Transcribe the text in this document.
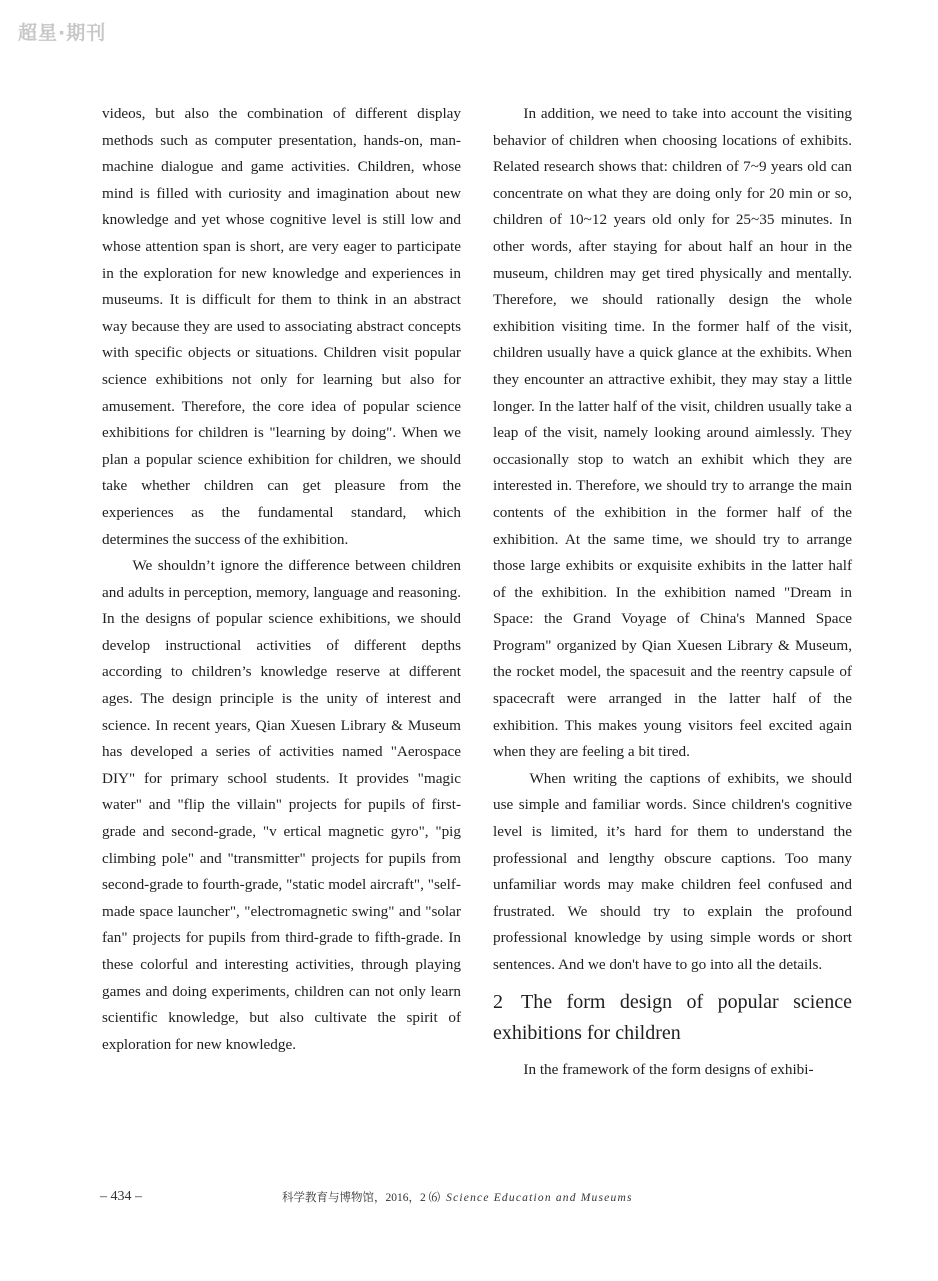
超星·期刊

videos, but also the combination of different display methods such as computer presentation, hands-on, man-machine dialogue and game activities. Children, whose mind is filled with curiosity and imagination about new knowledge and yet whose cognitive level is still low and whose attention span is short, are very eager to participate in the exploration for new knowledge and experiences in museums. It is difficult for them to think in an abstract way because they are used to associating abstract concepts with specific objects or situations. Children visit popular science exhibitions not only for learning but also for amusement. Therefore, the core idea of popular science exhibitions for children is "learning by doing". When we plan a popular science exhibition for children, we should take whether children can get pleasure from the experiences as the fundamental standard, which determines the success of the exhibition.

We shouldn’t ignore the difference between children and adults in perception, memory, language and reasoning. In the designs of popular science exhibitions, we should develop instructional activities of different depths according to children’s knowledge reserve at different ages. The design principle is the unity of interest and science. In recent years, Qian Xuesen Library & Museum has developed a series of activities named "Aerospace DIY" for primary school students. It provides "magic water" and "flip the villain" projects for pupils of first-grade and second-grade, "v ertical magnetic gyro", "pig climbing pole" and "transmitter" projects for pupils from second-grade to fourth-grade, "static model aircraft", "self-made space launcher", "electromagnetic swing" and "solar fan" projects for pupils from third-grade to fifth-grade. In these colorful and interesting activities, through playing games and doing experiments, children can not only learn scientific knowledge, but also cultivate the spirit of exploration for new knowledge.

In addition, we need to take into account the visiting behavior of children when choosing locations of exhibits. Related research shows that: children of 7~9 years old can concentrate on what they are doing only for 20 min or so, children of 10~12 years old only for 25~35 minutes. In other words, after staying for about half an hour in the museum, children may get tired physically and mentally. Therefore, we should rationally design the whole exhibition visiting time. In the former half of the visit, children usually have a quick glance at the exhibits. When they encounter an attractive exhibit, they may stay a little longer. In the latter half of the visit, children usually take a leap of the visit, namely looking around aimlessly. They occasionally stop to watch an exhibit which they are interested in. Therefore, we should try to arrange the main contents of the exhibition in the former half of the exhibition. At the same time, we should try to arrange those large exhibits or exquisite exhibits in the latter half of the exhibition. In the exhibition named "Dream in Space: the Grand Voyage of China's Manned Space Program" organized by Qian Xuesen Library & Museum, the rocket model, the spacesuit and the reentry capsule of spacecraft were arranged in the latter half of the exhibition. This makes young visitors feel excited again when they are feeling a bit tired.

When writing the captions of exhibits, we should use simple and familiar words. Since children's cognitive level is limited, it’s hard for them to understand the professional and lengthy obscure captions. Too many unfamiliar words may make children feel confused and frustrated. We should try to explain the profound professional knowledge by using simple words or short sentences. And we don't have to go into all the details.

2 The form design of popular science exhibitions for children

In the framework of the form designs of exhibi-

– 434 –	科学教育与博物馆，2016，2 ⑹ Science Education and Museums
